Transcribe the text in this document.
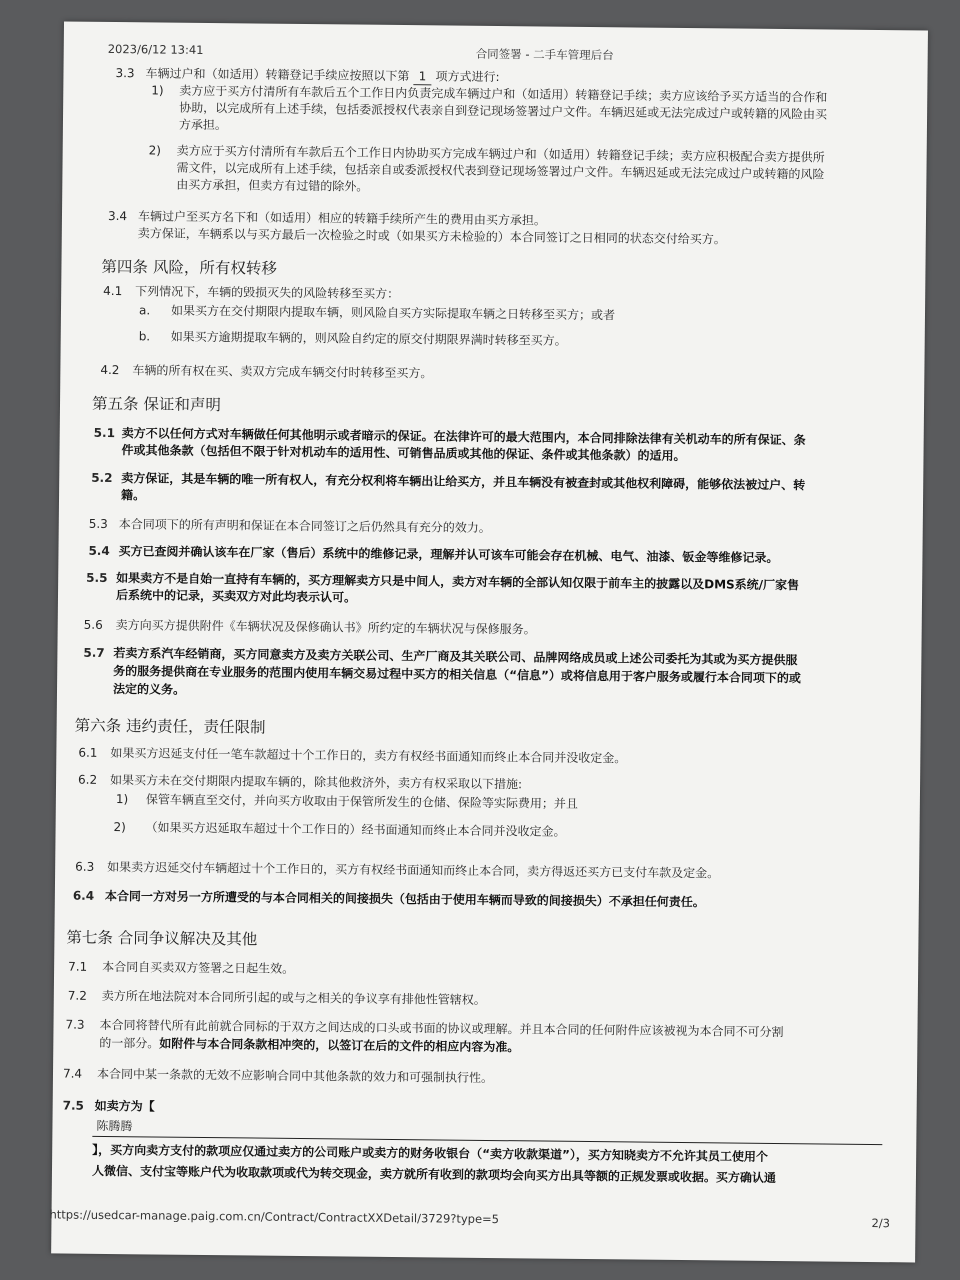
2023/6/12 13:41	合同签署 - 二手车管理后台
3.3 车辆过户和（如适用）转籍登记手续应按照以下第 1 项方式进行:
1) 卖方应于买方付清所有车款后五个工作日内负责完成车辆过户和（如适用）转籍登记手续；卖方应该给予买方适当的合作和
协助，以完成所有上述手续，包括委派授权代表亲自到登记现场签署过户文件。车辆迟延或无法完成过户或转籍的风险由买
方承担。
2) 卖方应于买方付清所有车款后五个工作日内协助买方完成车辆过户和（如适用）转籍登记手续；卖方应积极配合卖方提供所
需文件，以完成所有上述手续，包括亲自或委派授权代表到登记现场签署过户文件。车辆迟延或无法完成过户或转籍的风险
由买方承担，但卖方有过错的除外。
3.4 车辆过户至买方名下和（如适用）相应的转籍手续所产生的费用由买方承担。
卖方保证，车辆系以与买方最后一次检验之时或（如果买方未检验的）本合同签订之日相同的状态交付给买方。
第四条 风险，所有权转移
4.1 下列情况下，车辆的毁损灭失的风险转移至买方：
a. 如果买方在交付期限内提取车辆，则风险自买方实际提取车辆之日转移至买方；或者
b. 如果买方逾期提取车辆的，则风险自约定的原交付期限界满时转移至买方。
4.2 车辆的所有权在买、卖双方完成车辆交付时转移至买方。
第五条 保证和声明
5.1 卖方不以任何方式对车辆做任何其他明示或者暗示的保证。在法律许可的最大范围内，本合同排除法律有关机动车的所有保证、条
件或其他条款（包括但不限于针对机动车的适用性、可销售品质或其他的保证、条件或其他条款）的适用。
5.2 卖方保证，其是车辆的唯一所有权人，有充分权利将车辆出让给买方，并且车辆没有被查封或其他权利障碍，能够依法被过户、转
籍。
5.3 本合同项下的所有声明和保证在本合同签订之后仍然具有充分的效力。
5.4 买方已查阅并确认该车在厂家（售后）系统中的维修记录，理解并认可该车可能会存在机械、电气、油漆、钣金等维修记录。
5.5 如果卖方不是自始一直持有车辆的，买方理解卖方只是中间人，卖方对车辆的全部认知仅限于前车主的披露以及DMS系统/厂家售
后系统中的记录，买卖双方对此均表示认可。
5.6 卖方向买方提供附件《车辆状况及保修确认书》所约定的车辆状况与保修服务。
5.7 若卖方系汽车经销商，买方同意卖方及卖方关联公司、生产厂商及其关联公司、品牌网络成员或上述公司委托为其或为买方提供服
务的服务提供商在专业服务的范围内使用车辆交易过程中买方的相关信息（“信息”）或将信息用于客户服务或履行本合同项下的或
法定的义务。
第六条 违约责任，责任限制
6.1 如果买方迟延支付任一笔车款超过十个工作日的，卖方有权经书面通知而终止本合同并没收定金。
6.2 如果买方未在交付期限内提取车辆的，除其他救济外，卖方有权采取以下措施:
1) 保管车辆直至交付，并向买方收取由于保管所发生的仓储、保险等实际费用；并且
2) （如果买方迟延取车超过十个工作日的）经书面通知而终止本合同并没收定金。
6.3 如果卖方迟延交付车辆超过十个工作日的，买方有权经书面通知而终止本合同，卖方得返还买方已支付车款及定金。
6.4 本合同一方对另一方所遭受的与本合同相关的间接损失（包括由于使用车辆而导致的间接损失）不承担任何责任。
第七条 合同争议解决及其他
7.1 本合同自买卖双方签署之日起生效。
7.2 卖方所在地法院对本合同所引起的或与之相关的争议享有排他性管辖权。
7.3 本合同将替代所有此前就合同标的于双方之间达成的口头或书面的协议或理解。并且本合同的任何附件应该被视为本合同不可分割
的一部分。如附件与本合同条款相冲突的，以签订在后的文件的相应内容为准。
7.4 本合同中某一条款的无效不应影响合同中其他条款的效力和可强制执行性。
7.5 如卖方为【
陈腾腾
】，买方向卖方支付的款项应仅通过卖方的公司账户或卖方的财务收银台（“卖方收款渠道”），买方知晓卖方不允许其员工使用个
人微信、支付宝等账户代为收取款项或代为转交现金，卖方就所有收到的款项均会向买方出具等额的正规发票或收据。买方确认通
https://usedcar-manage.paig.com.cn/Contract/ContractXXDetail/3729?type=5	2/3
